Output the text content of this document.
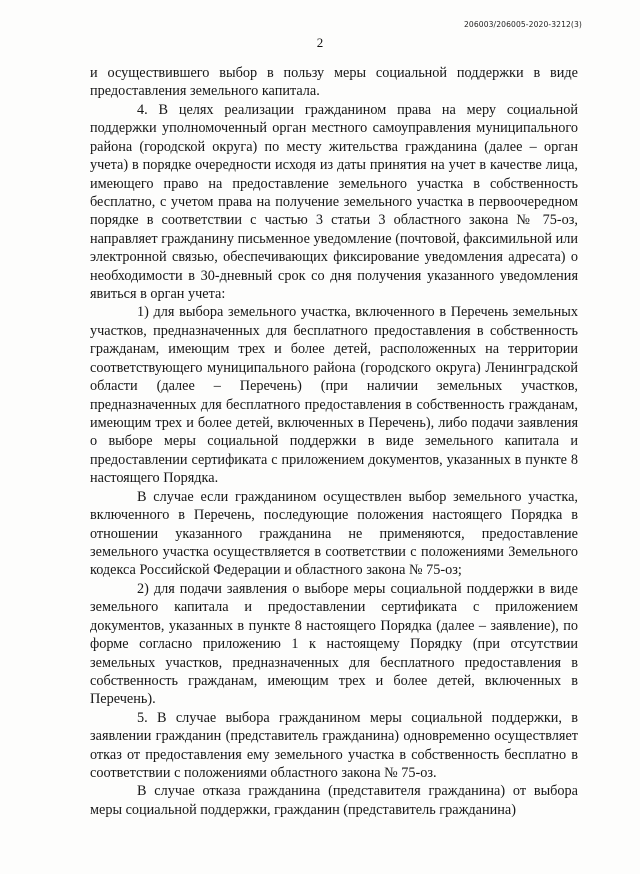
206003/206005-2020-3212(3)
2

и осуществившего выбор в пользу меры социальной поддержки в виде предоставления земельного капитала.

4. В целях реализации гражданином права на меру социальной поддержки уполномоченный орган местного самоуправления муниципального района (городской округа) по месту жительства гражданина (далее – орган учета) в порядке очередности исходя из даты принятия на учет в качестве лица, имеющего право на предоставление земельного участка в собственность бесплатно, с учетом права на получение земельного участка в первоочередном порядке в соответствии с частью 3 статьи 3 областного закона № 75-оз, направляет гражданину письменное уведомление (почтовой, факсимильной или электронной связью, обеспечивающих фиксирование уведомления адресата) о необходимости в 30-дневный срок со дня получения указанного уведомления явиться в орган учета:

1) для выбора земельного участка, включенного в Перечень земельных участков, предназначенных для бесплатного предоставления в собственность гражданам, имеющим трех и более детей, расположенных на территории соответствующего муниципального района (городского округа) Ленинградской области (далее – Перечень) (при наличии земельных участков, предназначенных для бесплатного предоставления в собственность гражданам, имеющим трех и более детей, включенных в Перечень), либо подачи заявления о выборе меры социальной поддержки в виде земельного капитала и предоставлении сертификата с приложением документов, указанных в пункте 8 настоящего Порядка.

В случае если гражданином осуществлен выбор земельного участка, включенного в Перечень, последующие положения настоящего Порядка в отношении указанного гражданина не применяются, предоставление земельного участка осуществляется в соответствии с положениями Земельного кодекса Российской Федерации и областного закона № 75-оз;

2) для подачи заявления о выборе меры социальной поддержки в виде земельного капитала и предоставлении сертификата с приложением документов, указанных в пункте 8 настоящего Порядка (далее – заявление), по форме согласно приложению 1 к настоящему Порядку (при отсутствии земельных участков, предназначенных для бесплатного предоставления в собственность гражданам, имеющим трех и более детей, включенных в Перечень).

5. В случае выбора гражданином меры социальной поддержки, в заявлении гражданин (представитель гражданина) одновременно осуществляет отказ от предоставления ему земельного участка в собственность бесплатно в соответствии с положениями областного закона № 75-оз.

В случае отказа гражданина (представителя гражданина) от выбора меры социальной поддержки, гражданин (представитель гражданина)
